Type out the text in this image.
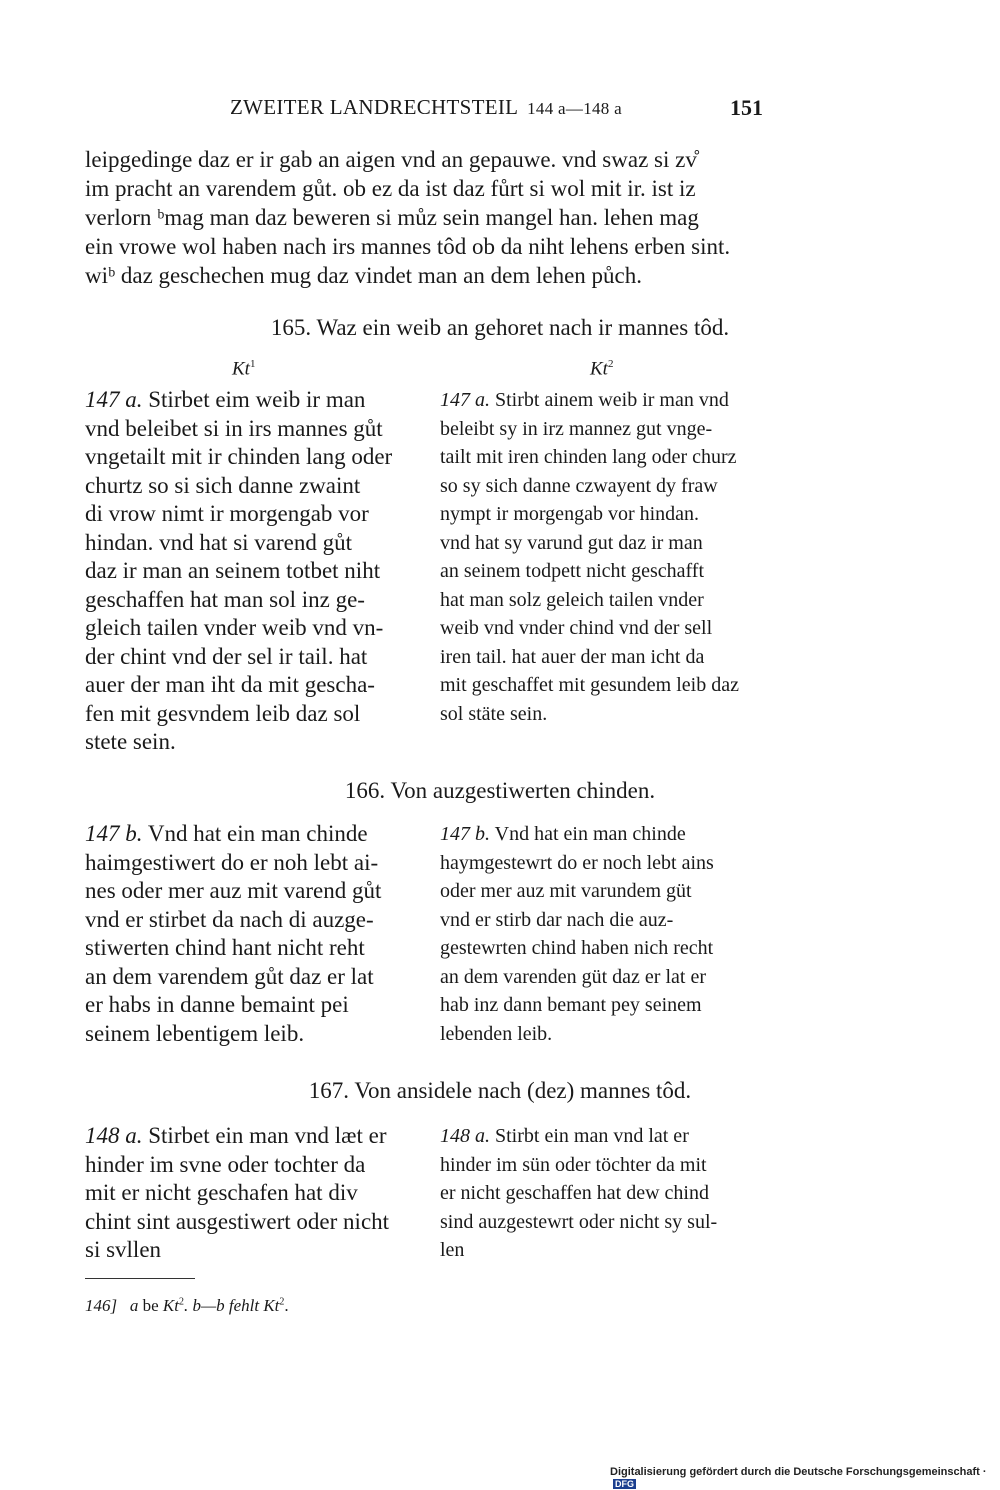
ZWEITER LANDRECHTSTEIL 144 a—148 a	151

leipgedinge daz er ir gab an aigen vnd an gepauwe. vnd swaz si zv̊
im pracht an varendem gůt. ob ez da ist daz fůrt si wol mit ir. ist iz
verlorn ᵇmag man daz beweren si můz sein mangel han. lehen mag
ein vrowe wol haben nach irs mannes tôd ob da niht lehens erben sint.
wiᵇ daz geschechen mug daz vindet man an dem lehen půch.

165. Waz ein weib an gehoret nach ir mannes tôd.
Kt$^1$	Kt$^2$
147 a. Stirbet eim weib ir man
vnd beleibet si in irs mannes gůt
vngetailt mit ir chinden lang oder
churtz so si sich danne zwaint
di vrow nimt ir morgengab vor
hindan. vnd hat si varend gůt
daz ir man an seinem totbet niht
geschaffen hat man sol inz ge-
gleich tailen vnder weib vnd vn-
der chint vnd der sel ir tail. hat
auer der man iht da mit gescha-
fen mit gesvndem leib daz sol
stete sein.
147 a. Stirbt ainem weib ir man vnd
beleibt sy in irz mannez gut vnge-
tailt mit iren chinden lang oder churz
so sy sich danne czwayent dy fraw
nympt ir morgengab vor hindan.
vnd hat sy varund gut daz ir man
an seinem todpett nicht geschafft
hat man solz geleich tailen vnder
weib vnd vnder chind vnd der sell
iren tail. hat auer der man icht da
mit geschaffet mit gesundem leib daz
sol stäte sein.
166. Von auzgestiwerten chinden.
147 b. Vnd hat ein man chinde
haimgestiwert do er noh lebt ai-
nes oder mer auz mit varend gůt
vnd er stirbet da nach di auzge-
stiwerten chind hant nicht reht
an dem varendem gůt daz er lat
er habs in danne bemaint pei
seinem lebentigem leib.
147 b. Vnd hat ein man chinde
haymgestewrt do er noch lebt ains
oder mer auz mit varundem güt
vnd er stirb dar nach die auz-
gestewrten chind haben nich recht
an dem varenden güt daz er lat er
hab inz dann bemant pey seinem
lebenden leib.
167. Von ansidele nach (dez) mannes tôd.
148 a. Stirbet ein man vnd læt er
hinder im svne oder tochter da
mit er nicht geschafen hat div
chint sint ausgestiwert oder nicht
si svllen
148 a. Stirbt ein man vnd lat er
hinder im sün oder töchter da mit
er nicht geschaffen hat dew chind
sind auzgestewrt oder nicht sy sul-
len
146] a be Kt$^2$. b—b fehlt Kt$^2$.
Digitalisierung gefördert durch die Deutsche Forschungsgemeinschaft ·DFG
